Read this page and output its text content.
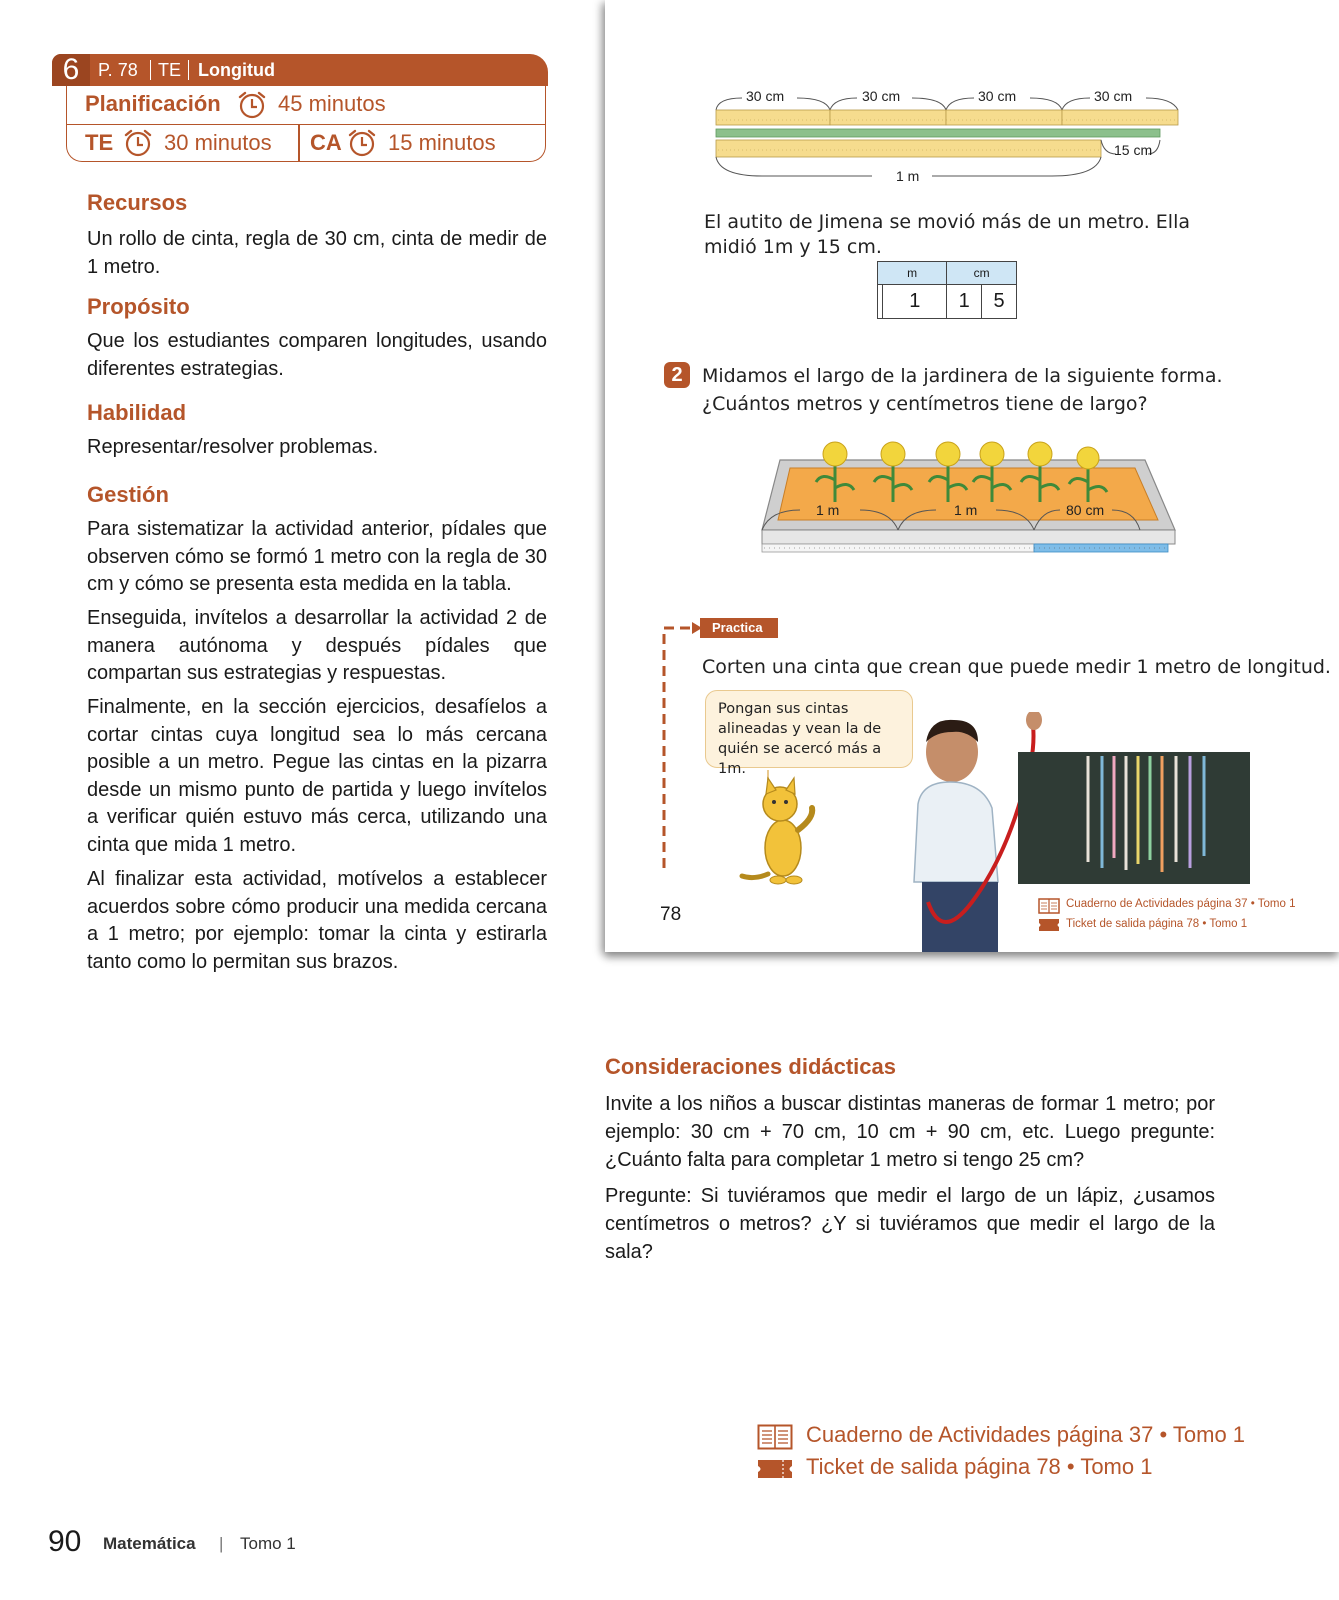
6	P. 78 TE Longitud
Planificación	45 minutos
TE 30 minutos CA 15 minutos
Recursos
Un rollo de cinta, regla de 30 cm, cinta de medir de 1 metro.
Propósito
Que los estudiantes comparen longitudes, usando diferentes estrategias.
Habilidad
Representar/resolver problemas.
Gestión
Para sistematizar la actividad anterior, pídales que observen cómo se formó 1 metro con la regla de 30 cm y cómo se presenta esta medida en la tabla.
Enseguida, invítelos a desarrollar la actividad 2 de manera autónoma y después pídales que compartan sus estrategias y respuestas.
Finalmente, en la sección ejercicios, desafíelos a cortar cintas cuya longitud sea lo más cercana posible a un metro. Pegue las cintas en la pizarra desde un mismo punto de partida y luego invítelos a verificar quién estuvo más cerca, utilizando una cinta que mida 1 metro.
Al finalizar esta actividad, motívelos a establecer acuerdos sobre cómo producir una medida cercana a 1 metro; por ejemplo: tomar la cinta y estirarla tanto como lo permitan sus brazos.
30 cm	30 cm	30 cm	30 cm
15 cm
1 m
El autito de Jimena se movió más de un metro. Ella
midió 1m y 15 cm.
m		cm	
	1	1	5
2	Midamos el largo de la jardinera de la siguiente forma.
¿Cuántos metros y centímetros tiene de largo?
1 m	1 m	80 cm
Practica
Corten una cinta que crean que puede medir 1 metro de longitud.
Pongan sus cintas
alineadas y vean la de
quién se acercó más a 1m.
78	Cuaderno de Actividades página 37 • Tomo 1
Ticket de salida página 78 • Tomo 1
Consideraciones didácticas
Invite a los niños a buscar distintas maneras de formar 1 metro; por ejemplo: 30 cm + 70 cm, 10 cm + 90 cm, etc. Luego pregunte: ¿Cuánto falta para completar 1 metro si tengo 25 cm?
Pregunte: Si tuviéramos que medir el largo de un lápiz, ¿usamos centímetros o metros? ¿Y si tuviéramos que medir el largo de la sala?
Cuaderno de Actividades página 37 • Tomo 1
Ticket de salida página 78 • Tomo 1
90 Matemática | Tomo 1
